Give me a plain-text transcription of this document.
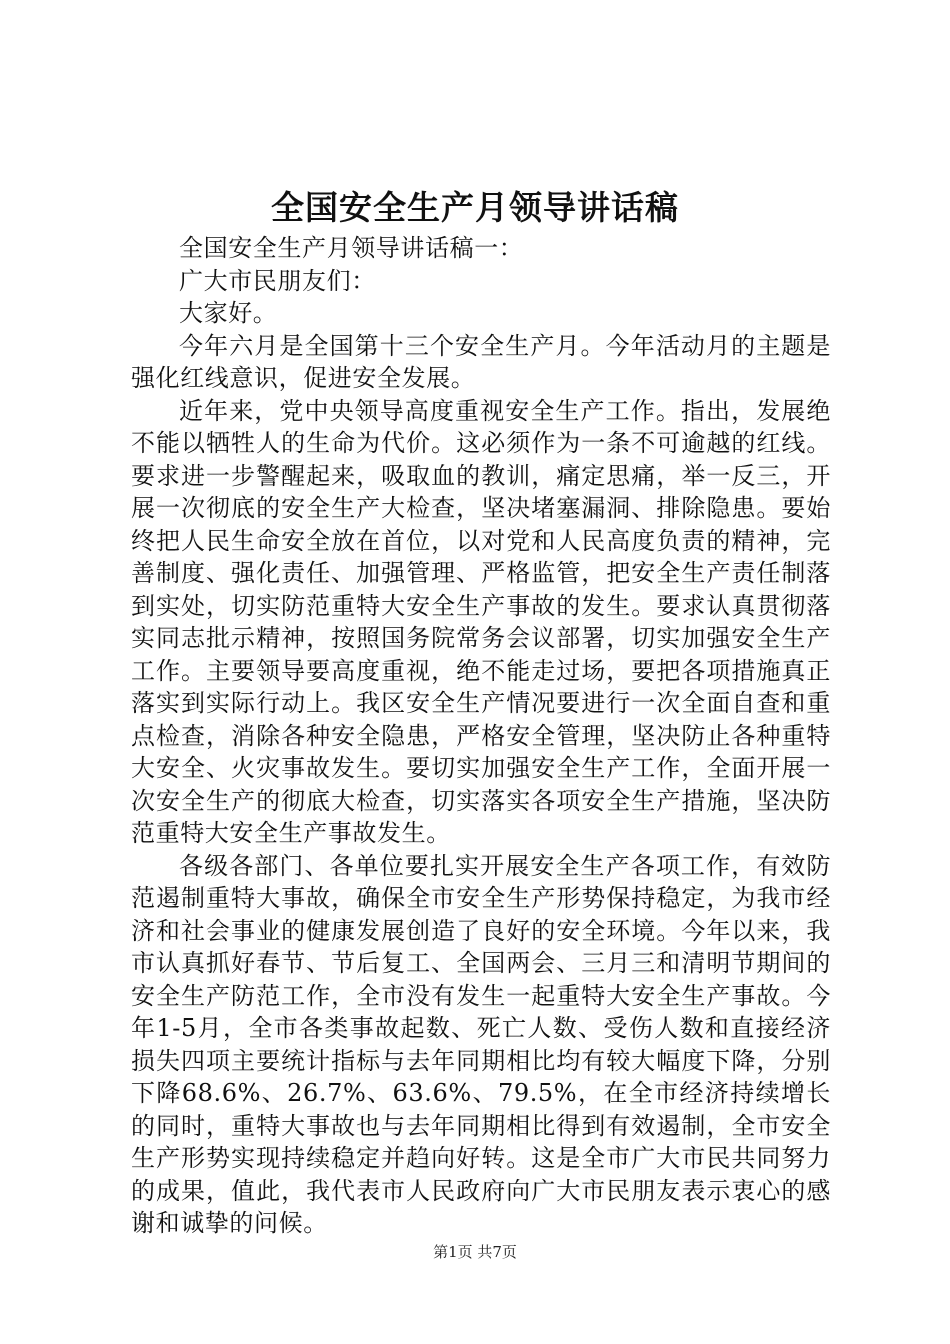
全国安全生产月领导讲话稿

全国安全生产月领导讲话稿一：

广大市民朋友们：

大家好。

今年六月是全国第十三个安全生产月。今年活动月的主题是强化红线意识，促进安全发展。

近年来，党中央领导高度重视安全生产工作。指出，发展绝不能以牺牲人的生命为代价。这必须作为一条不可逾越的红线。要求进一步警醒起来，吸取血的教训，痛定思痛，举一反三，开展一次彻底的安全生产大检查，坚决堵塞漏洞、排除隐患。要始终把人民生命安全放在首位，以对党和人民高度负责的精神，完善制度、强化责任、加强管理、严格监管，把安全生产责任制落到实处，切实防范重特大安全生产事故的发生。要求认真贯彻落实同志批示精神，按照国务院常务会议部署，切实加强安全生产工作。主要领导要高度重视，绝不能走过场，要把各项措施真正落实到实际行动上。我区安全生产情况要进行一次全面自查和重点检查，消除各种安全隐患，严格安全管理，坚决防止各种重特大安全、火灾事故发生。要切实加强安全生产工作，全面开展一次安全生产的彻底大检查，切实落实各项安全生产措施，坚决防范重特大安全生产事故发生。

各级各部门、各单位要扎实开展安全生产各项工作，有效防范遏制重特大事故，确保全市安全生产形势保持稳定，为我市经济和社会事业的健康发展创造了良好的安全环境。今年以来，我市认真抓好春节、节后复工、全国两会、三月三和清明节期间的安全生产防范工作，全市没有发生一起重特大安全生产事故。今年1-5月，全市各类事故起数、死亡人数、受伤人数和直接经济损失四项主要统计指标与去年同期相比均有较大幅度下降，分别下降68.6%、26.7%、63.6%、79.5%，在全市经济持续增长的同时，重特大事故也与去年同期相比得到有效遏制，全市安全生产形势实现持续稳定并趋向好转。这是全市广大市民共同努力的成果，值此，我代表市人民政府向广大市民朋友表示衷心的感谢和诚挚的问候。

第1页 共7页
